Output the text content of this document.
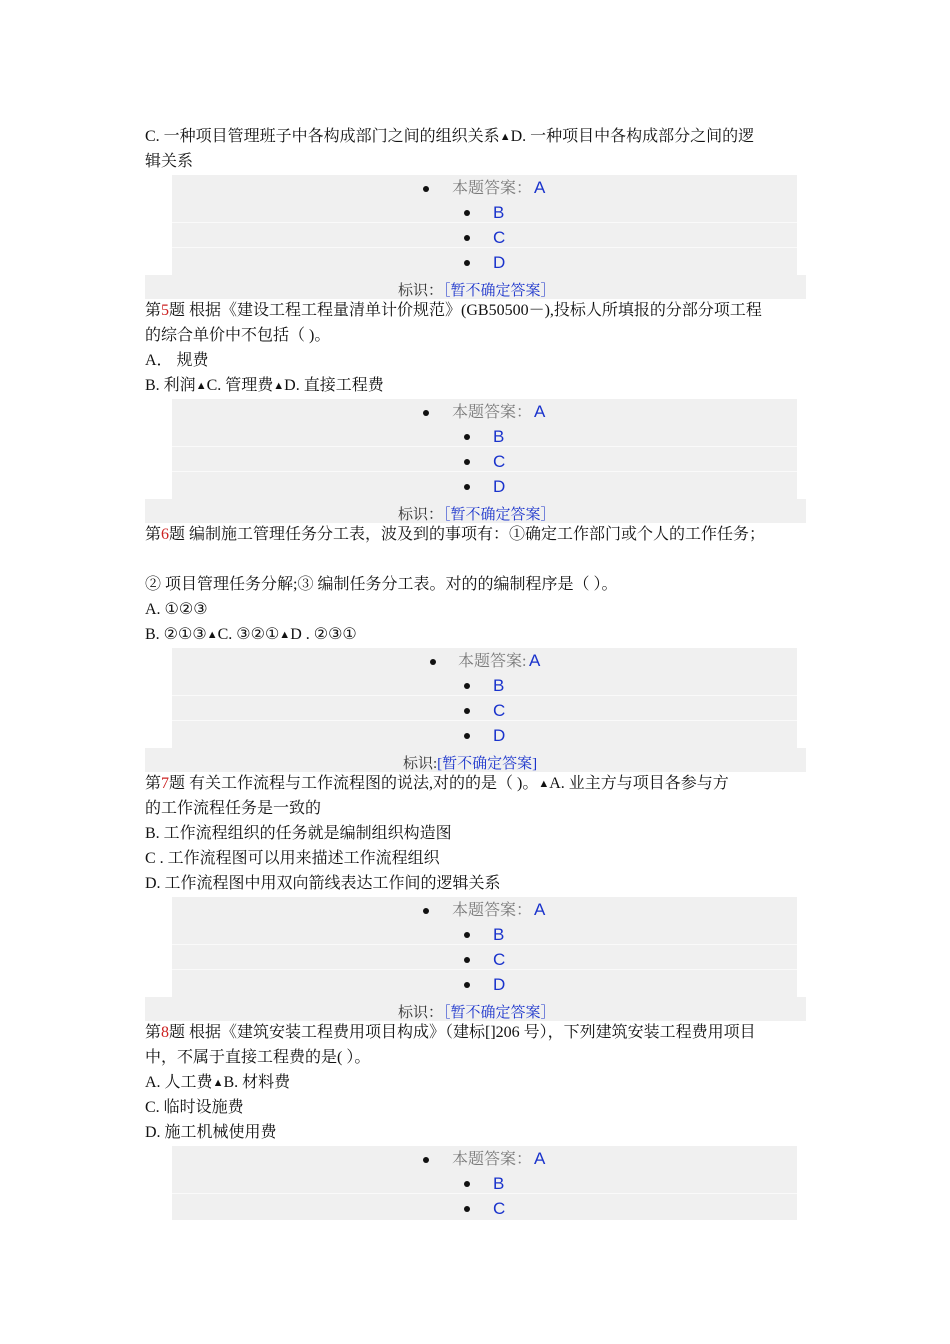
C. 一种项目管理班子中各构成部门之间的组织关系▲D. 一种项目中各构成部分之间的逻
辑关系
本题答案： A
B
C
D
标识：［暂不确定答案］
第5题 根据《建设工程工程量清单计价规范》(GB50500－),投标人所填报的分部分项工程
的综合单价中不包括（ )。
A． 规费
B. 利润▲C. 管理费▲D. 直接工程费
本题答案： A
B
C
D
标识：［暂不确定答案］
第6题 编制施工管理任务分工表，波及到的事项有：①确定工作部门或个人的工作任务；
② 项目管理任务分解;③ 编制任务分工表。对的的编制程序是（ ）。
A. ①②③
B. ②①③▲C. ③②①▲D . ②③①
本题答案: A
B
C
D
标识:[暂不确定答案]
第7题 有关工作流程与工作流程图的说法,对的的是（ )。▲A. 业主方与项目各参与方
的工作流程任务是一致的
B. 工作流程组织的任务就是编制组织构造图
C . 工作流程图可以用来描述工作流程组织
D. 工作流程图中用双向箭线表达工作间的逻辑关系
本题答案： A
B
C
D
标识：［暂不确定答案］
第8题 根据《建筑安装工程费用项目构成》（建标[]206 号），下列建筑安装工程费用项目
中，不属于直接工程费的是( ）。
A. 人工费▲B. 材料费
C. 临时设施费
D. 施工机械使用费
本题答案： A
B
C
